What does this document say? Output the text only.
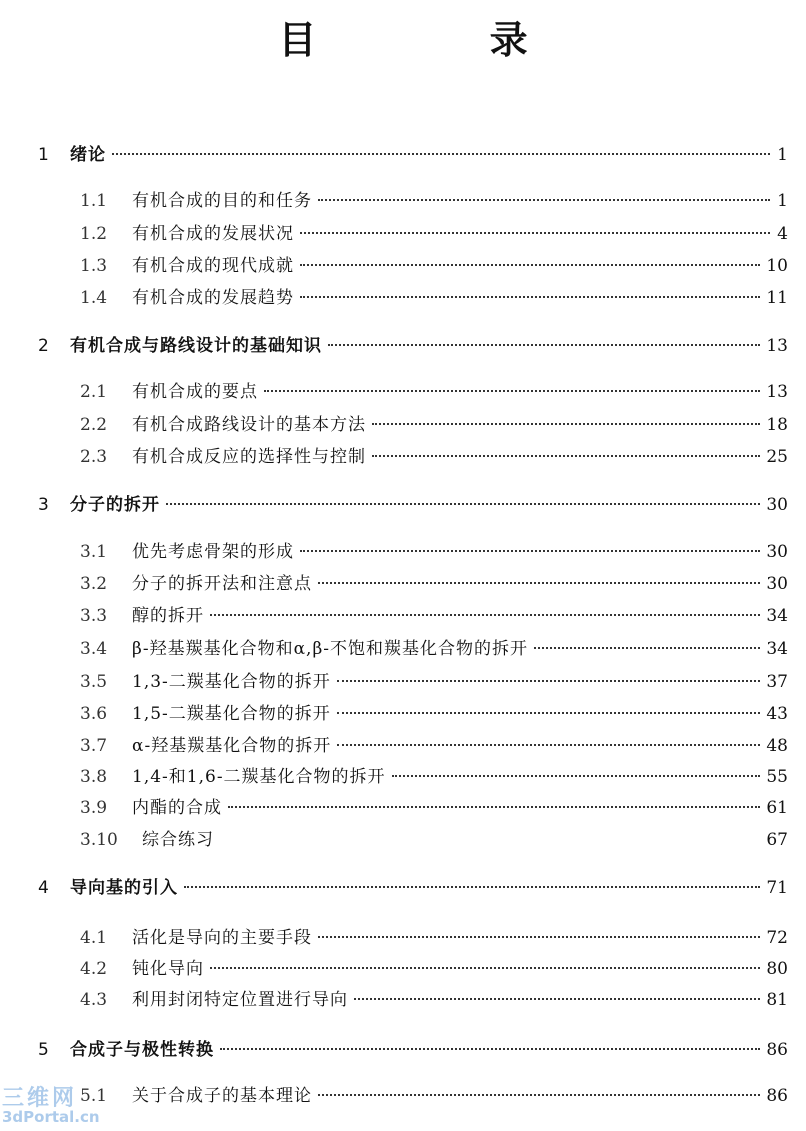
目 录
1	绪论	1
1.1	有机合成的目的和任务	1
1.2	有机合成的发展状况	4
1.3	有机合成的现代成就	10
1.4	有机合成的发展趋势	11
2	有机合成与路线设计的基础知识	13
2.1	有机合成的要点	13
2.2	有机合成路线设计的基本方法	18
2.3	有机合成反应的选择性与控制	25
3	分子的拆开	30
3.1	优先考虑骨架的形成	30
3.2	分子的拆开法和注意点	30
3.3	醇的拆开	34
3.4	β-羟基羰基化合物和α,β-不饱和羰基化合物的拆开	34
3.5	1,3-二羰基化合物的拆开	37
3.6	1,5-二羰基化合物的拆开	43
3.7	α-羟基羰基化合物的拆开	48
3.8	1,4-和1,6-二羰基化合物的拆开	55
3.9	内酯的合成	61
3.10	综合练习	67
4	导向基的引入	71
4.1	活化是导向的主要手段	72
4.2	钝化导向	80
4.3	利用封闭特定位置进行导向	81
5	合成子与极性转换	86
5.1	关于合成子的基本理论	86
三维网
3dPortal.cn
